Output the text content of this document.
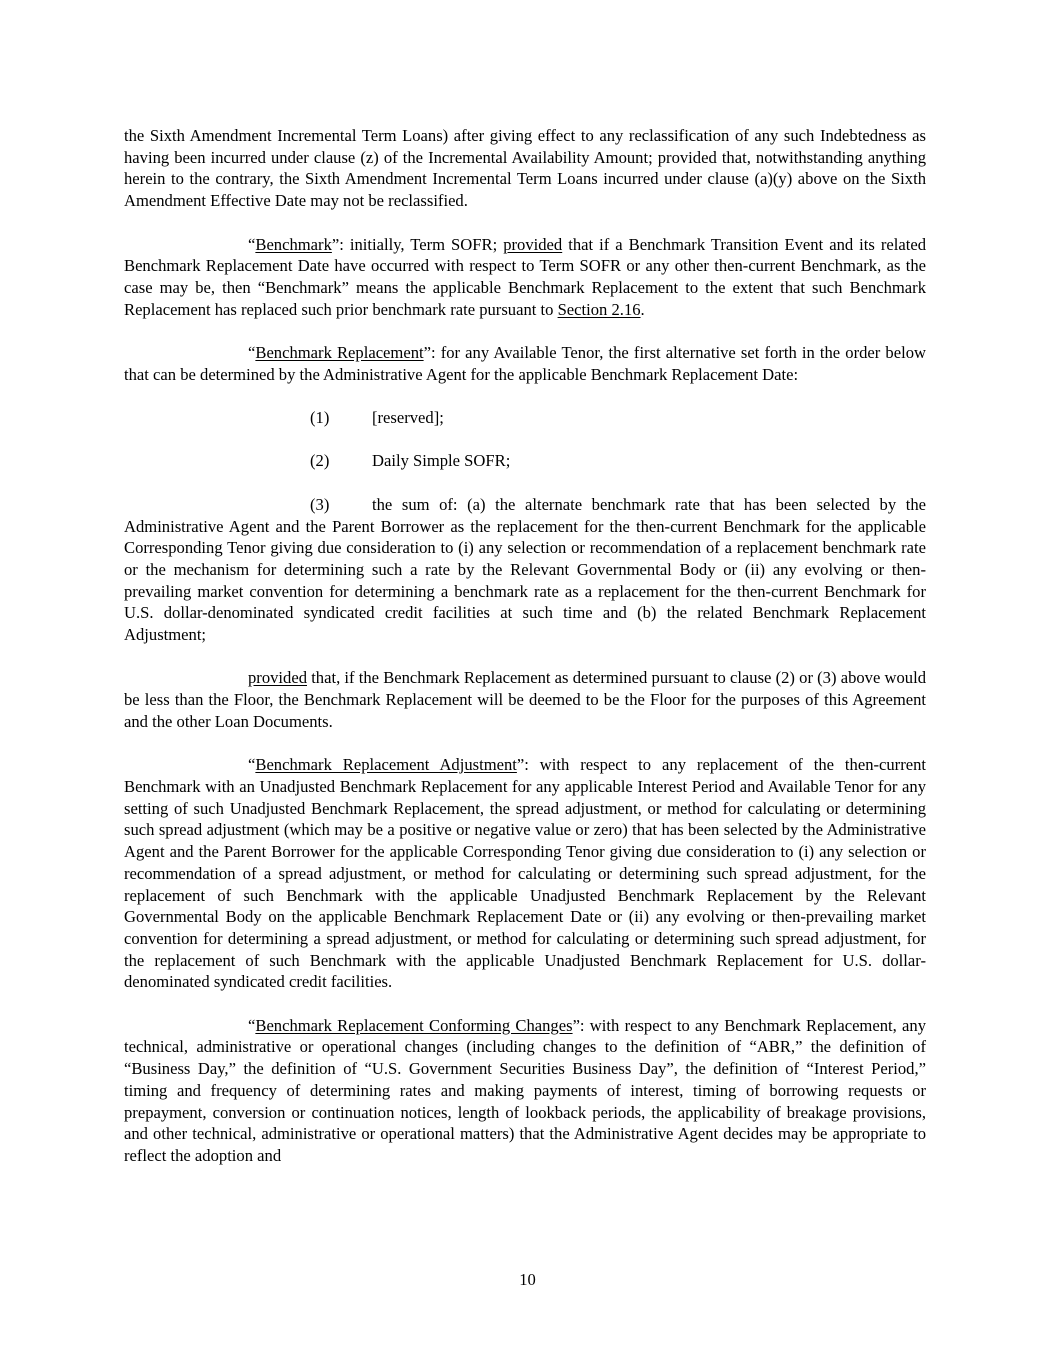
the Sixth Amendment Incremental Term Loans) after giving effect to any reclassification of any such Indebtedness as having been incurred under clause (z) of the Incremental Availability Amount; provided that, notwithstanding anything herein to the contrary, the Sixth Amendment Incremental Term Loans incurred under clause (a)(y) above on the Sixth Amendment Effective Date may not be reclassified.

“Benchmark”: initially, Term SOFR; provided that if a Benchmark Transition Event and its related Benchmark Replacement Date have occurred with respect to Term SOFR or any other then-current Benchmark, as the case may be, then “Benchmark” means the applicable Benchmark Replacement to the extent that such Benchmark Replacement has replaced such prior benchmark rate pursuant to Section 2.16.

“Benchmark Replacement”: for any Available Tenor, the first alternative set forth in the order below that can be determined by the Administrative Agent for the applicable Benchmark Replacement Date:

(1)	[reserved];

(2)	Daily Simple SOFR;

(3)	the sum of: (a) the alternate benchmark rate that has been selected by the Administrative Agent and the Parent Borrower as the replacement for the then-current Benchmark for the applicable Corresponding Tenor giving due consideration to (i) any selection or recommendation of a replacement benchmark rate or the mechanism for determining such a rate by the Relevant Governmental Body or (ii) any evolving or then-prevailing market convention for determining a benchmark rate as a replacement for the then-current Benchmark for U.S. dollar-denominated syndicated credit facilities at such time and (b) the related Benchmark Replacement Adjustment;

provided that, if the Benchmark Replacement as determined pursuant to clause (2) or (3) above would be less than the Floor, the Benchmark Replacement will be deemed to be the Floor for the purposes of this Agreement and the other Loan Documents.

“Benchmark Replacement Adjustment”: with respect to any replacement of the then-current Benchmark with an Unadjusted Benchmark Replacement for any applicable Interest Period and Available Tenor for any setting of such Unadjusted Benchmark Replacement, the spread adjustment, or method for calculating or determining such spread adjustment (which may be a positive or negative value or zero) that has been selected by the Administrative Agent and the Parent Borrower for the applicable Corresponding Tenor giving due consideration to (i) any selection or recommendation of a spread adjustment, or method for calculating or determining such spread adjustment, for the replacement of such Benchmark with the applicable Unadjusted Benchmark Replacement by the Relevant Governmental Body on the applicable Benchmark Replacement Date or (ii) any evolving or then-prevailing market convention for determining a spread adjustment, or method for calculating or determining such spread adjustment, for the replacement of such Benchmark with the applicable Unadjusted Benchmark Replacement for U.S. dollar-denominated syndicated credit facilities.

“Benchmark Replacement Conforming Changes”: with respect to any Benchmark Replacement, any technical, administrative or operational changes (including changes to the definition of “ABR,” the definition of “Business Day,” the definition of “U.S. Government Securities Business Day”, the definition of “Interest Period,” timing and frequency of determining rates and making payments of interest, timing of borrowing requests or prepayment, conversion or continuation notices, length of lookback periods, the applicability of breakage provisions, and other technical, administrative or operational matters) that the Administrative Agent decides may be appropriate to reflect the adoption and

10
